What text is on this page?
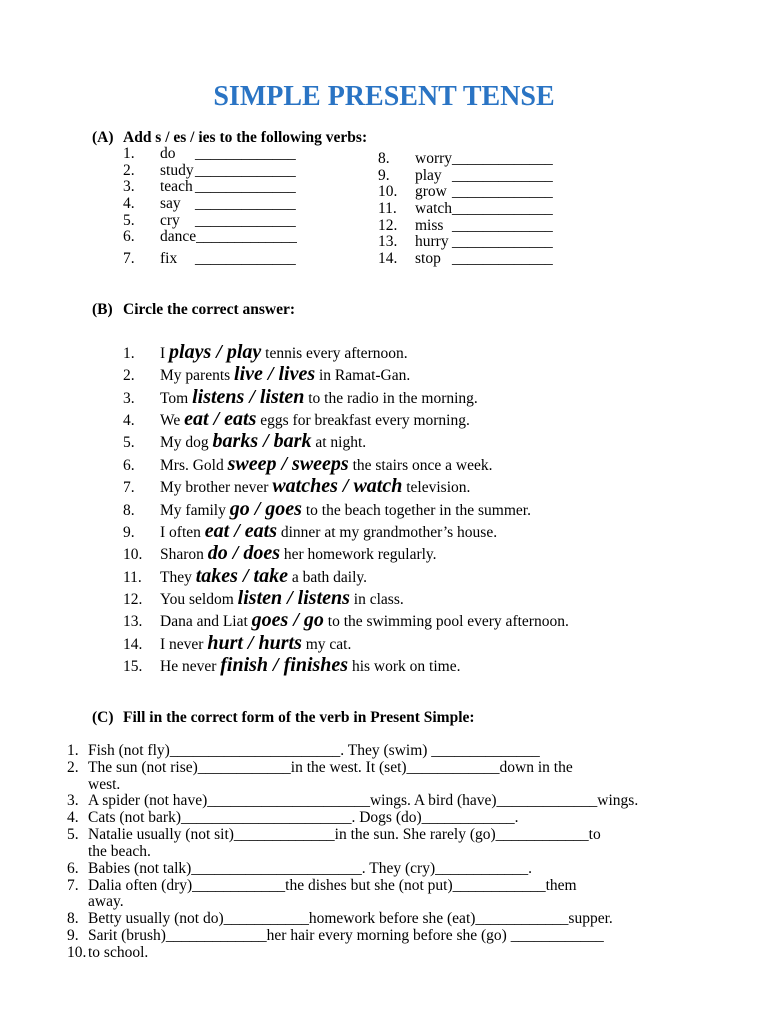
SIMPLE PRESENT TENSE
(A) Add s / es / ies to the following verbs:
1. do _____________
2. study_____________
3. teach _____________
4. say _____________
5. cry _____________
6. dance_____________
7. fix _____________
8. worry_____________
9. play _____________
10. grow _____________
11. watch_____________
12. miss _____________
13. hurry _____________
14. stop _____________
(B) Circle the correct answer:
1. I plays / play tennis every afternoon.
2. My parents live / lives in Ramat-Gan.
3. Tom listens / listen to the radio in the morning.
4. We eat / eats eggs for breakfast every morning.
5. My dog barks / bark at night.
6. Mrs. Gold sweep / sweeps the stairs once a week.
7. My brother never watches / watch television.
8. My family go / goes to the beach together in the summer.
9. I often eat / eats dinner at my grandmother’s house.
10. Sharon do / does her homework regularly.
11. They takes / take a bath daily.
12. You seldom listen / listens in class.
13. Dana and Liat goes / go to the swimming pool every afternoon.
14. I never hurt / hurts my cat.
15. He never finish / finishes his work on time.
(C) Fill in the correct form of the verb in Present Simple:
1. Fish (not fly)______________________. They (swim) ______________
2. The sun (not rise)____________in the west. It (set)____________down in the
west.
3. A spider (not have)_____________________wings. A bird (have)_____________wings.
4. Cats (not bark)______________________. Dogs (do)____________.
5. Natalie usually (not sit)_____________in the sun. She rarely (go)____________to
the beach.
6. Babies (not talk)______________________. They (cry)____________.
7. Dalia often (dry)____________the dishes but she (not put)____________them
away.
8. Betty usually (not do)___________homework before she (eat)____________supper.
9. Sarit (brush)_____________her hair every morning before she (go) ____________
10. to school.
